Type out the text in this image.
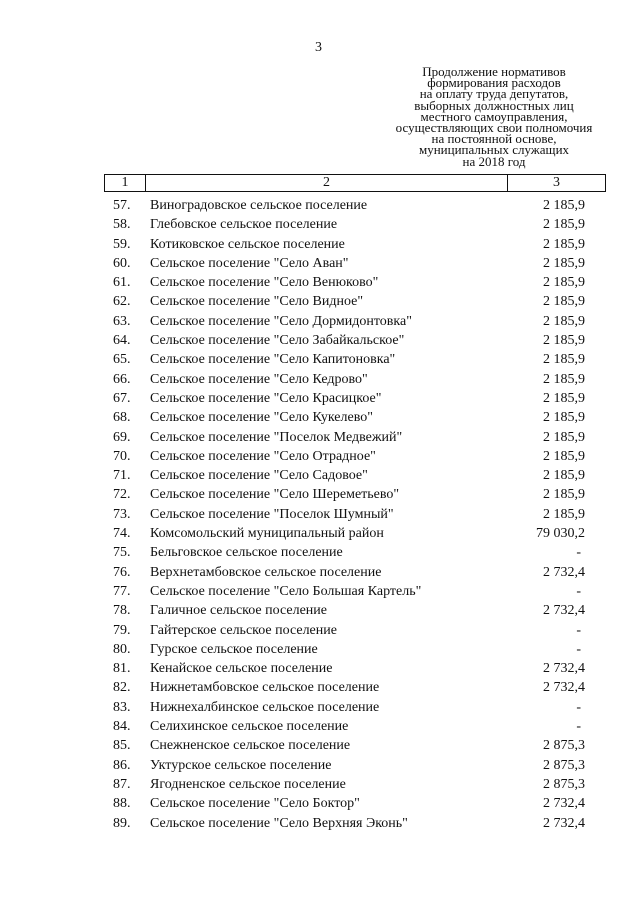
3
Продолжение нормативов
формирования расходов
на оплату труда депутатов,
выборных должностных лиц
местного самоуправления,
осуществляющих свои полномочия
на постоянной основе,
муниципальных служащих
на 2018 год
1	2	3
57.	Виноградовское сельское поселение	2 185,9
58.	Глебовское сельское поселение	2 185,9
59.	Котиковское сельское поселение	2 185,9
60.	Сельское поселение "Село Аван"	2 185,9
61.	Сельское поселение "Село Венюково"	2 185,9
62.	Сельское поселение "Село Видное"	2 185,9
63.	Сельское поселение "Село Дормидонтовка"	2 185,9
64.	Сельское поселение "Село Забайкальское"	2 185,9
65.	Сельское поселение "Село Капитоновка"	2 185,9
66.	Сельское поселение "Село Кедрово"	2 185,9
67.	Сельское поселение "Село Красицкое"	2 185,9
68.	Сельское поселение "Село Кукелево"	2 185,9
69.	Сельское поселение "Поселок Медвежий"	2 185,9
70.	Сельское поселение "Село Отрадное"	2 185,9
71.	Сельское поселение "Село Садовое"	2 185,9
72.	Сельское поселение "Село Шереметьево"	2 185,9
73.	Сельское поселение "Поселок Шумный"	2 185,9
74.	Комсомольский муниципальный район	79 030,2
75.	Бельговское сельское поселение	-
76.	Верхнетамбовское сельское поселение	2 732,4
77.	Сельское поселение "Село Большая Картель"	-
78.	Галичное сельское поселение	2 732,4
79.	Гайтерское сельское поселение	-
80.	Гурское сельское поселение	-
81.	Кенайское сельское поселение	2 732,4
82.	Нижнетамбовское сельское поселение	2 732,4
83.	Нижнехалбинское сельское поселение	-
84.	Селихинское сельское поселение	-
85.	Снежненское сельское поселение	2 875,3
86.	Уктурское сельское поселение	2 875,3
87.	Ягодненское сельское поселение	2 875,3
88.	Сельское поселение "Село Боктор"	2 732,4
89.	Сельское поселение "Село Верхняя Эконь"	2 732,4
